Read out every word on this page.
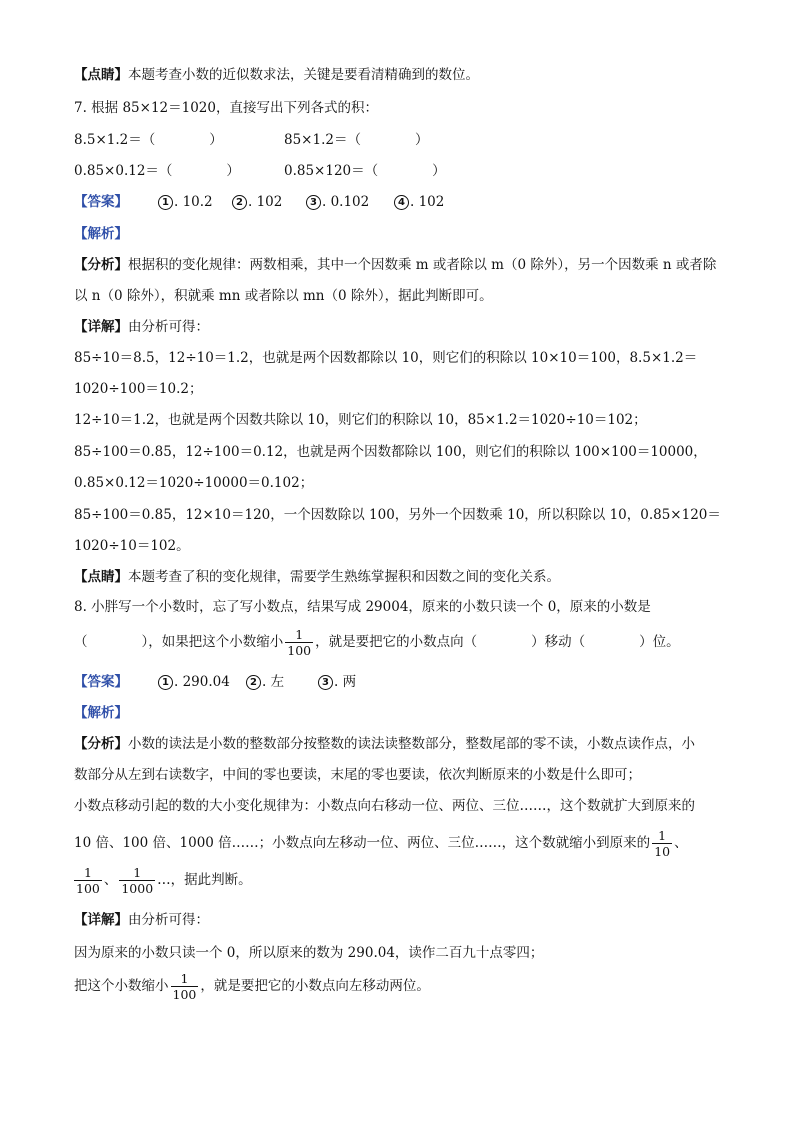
【点睛】本题考查小数的近似数求法，关键是要看清精确到的数位。
7. 根据 85×12＝1020，直接写出下列各式的积：
8.5×1.2＝（　　　　）	85×1.2＝（　　　　）
0.85×0.12＝（　　　　）	0.85×120＝（　　　　）
【答案】	1 . 10.2	2 . 102	3 . 0.102	4 . 102
【解析】
【分析】根据积的变化规律：两数相乘，其中一个因数乘 m 或者除以 m（0 除外），另一个因数乘 n 或者除
以 n（0 除外），积就乘 mn 或者除以 mn（0 除外），据此判断即可。
【详解】由分析可得：
85÷10＝8.5，12÷10＝1.2，也就是两个因数都除以 10，则它们的积除以 10×10＝100，8.5×1.2＝
1020÷100＝10.2；
12÷10＝1.2，也就是两个因数共除以 10，则它们的积除以 10，85×1.2＝1020÷10＝102；
85÷100＝0.85，12÷100＝0.12，也就是两个因数都除以 100，则它们的积除以 100×100＝10000，
0.85×0.12＝1020÷10000＝0.102；
85÷100＝0.85，12×10＝120，一个因数除以 100，另外一个因数乘 10，所以积除以 10，0.85×120＝
1020÷10＝102。
【点睛】本题考查了积的变化规律，需要学生熟练掌握积和因数之间的变化关系。
8. 小胖写一个小数时，忘了写小数点，结果写成 29004，原来的小数只读一个 0，原来的小数是
（　　　　），如果把这个小数缩小 $\frac{1}{100}$ ，就是要把它的小数点向（　　　　）移动（　　　　）位。
【答案】	1 . 290.04	2 . 左	3 . 两
【解析】
【分析】小数的读法是小数的整数部分按整数的读法读整数部分，整数尾部的零不读，小数点读作点，小
数部分从左到右读数字，中间的零也要读，末尾的零也要读，依次判断原来的小数是什么即可；
小数点移动引起的数的大小变化规律为：小数点向右移动一位、两位、三位……，这个数就扩大到原来的
10 倍、100 倍、1000 倍……；小数点向左移动一位、两位、三位……，这个数就缩小到原来的 $\frac{1}{10}$ 、
$\frac{1}{100}$ 、 $\frac{1}{1000}$ …，据此判断。
【详解】由分析可得：
因为原来的小数只读一个 0，所以原来的数为 290.04，读作二百九十点零四；
把这个小数缩小 $\frac{1}{100}$ ，就是要把它的小数点向左移动两位。
